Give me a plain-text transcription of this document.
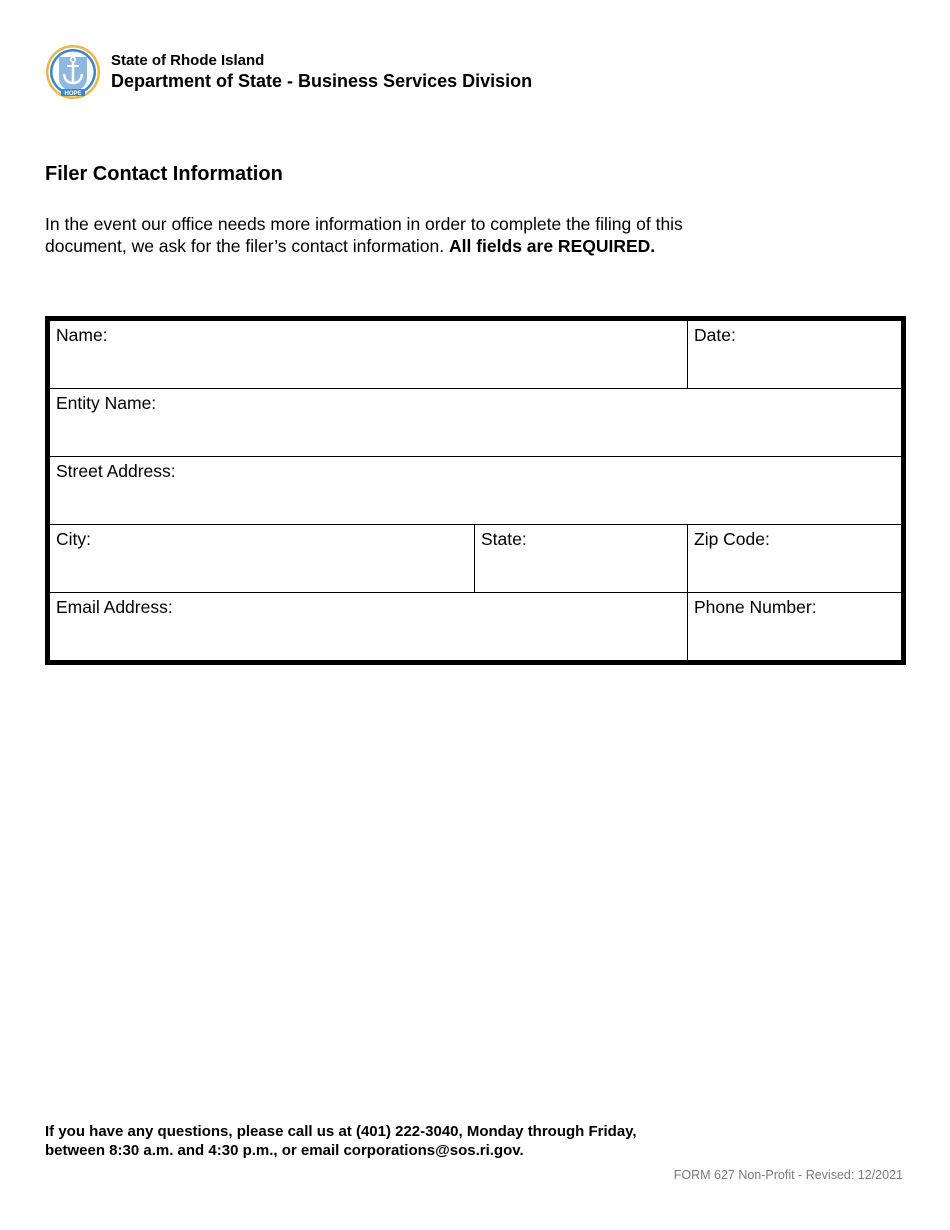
HOPE
State of Rhode Island
Department of State - Business Services Division
Filer Contact Information
In the event our office needs more information in order to complete the filing of this document, we ask for the filer’s contact information. All fields are REQUIRED.
Name:	Date:
Entity Name:
Street Address:
City:	State:	Zip Code:
Email Address:	Phone Number:
If you have any questions, please call us at (401) 222-3040, Monday through Friday,
between 8:30 a.m. and 4:30 p.m., or email corporations@sos.ri.gov.
FORM 627 Non-Profit - Revised: 12/2021
